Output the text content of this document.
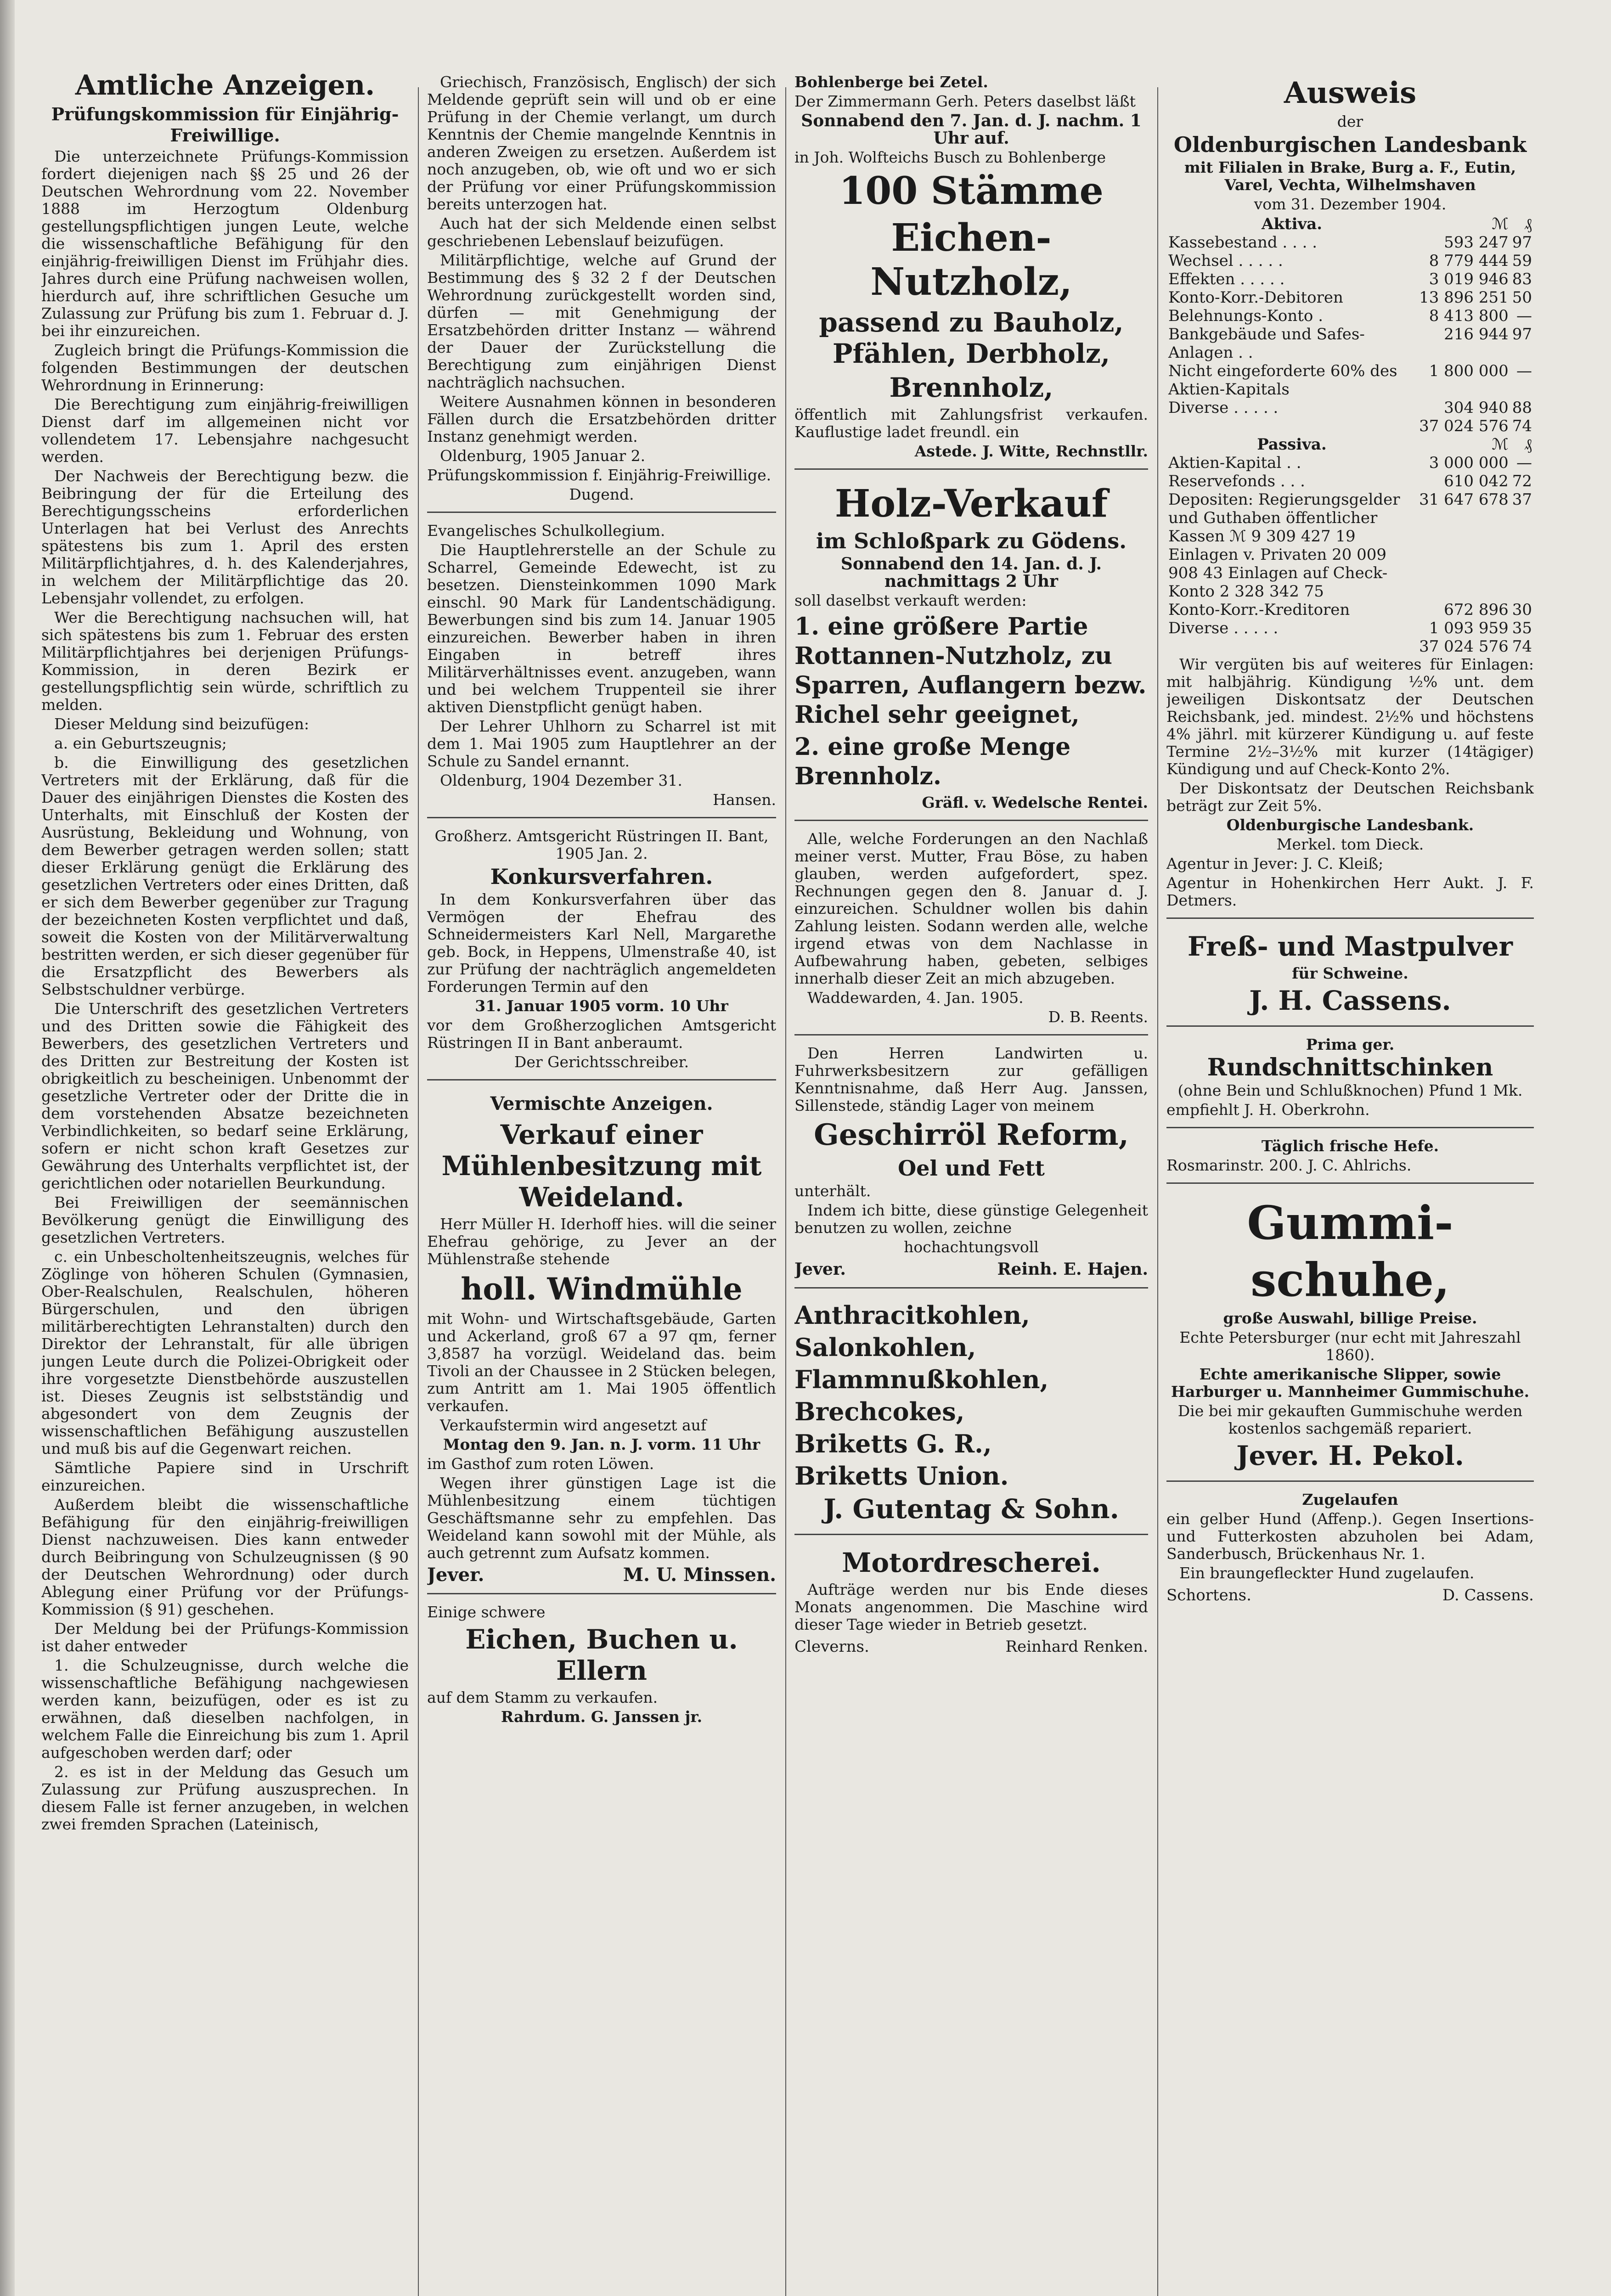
Amtliche Anzeigen.
Prüfungskommission für Einjährig-Freiwillige.

Die unterzeichnete Prüfungs-Kommission fordert diejenigen nach §§ 25 und 26 der Deutschen Wehrordnung vom 22. November 1888 im Herzogtum Oldenburg gestellungspflichtigen jungen Leute, welche die wissenschaftliche Befähigung für den einjährig-freiwilligen Dienst im Frühjahr dies. Jahres durch eine Prüfung nachweisen wollen, hierdurch auf, ihre schriftlichen Gesuche um Zulassung zur Prüfung bis zum 1. Februar d. J. bei ihr einzureichen.

Zugleich bringt die Prüfungs-Kommission die folgenden Bestimmungen der deutschen Wehrordnung in Erinnerung:

Die Berechtigung zum einjährig-freiwilligen Dienst darf im allgemeinen nicht vor vollendetem 17. Lebensjahre nachgesucht werden.

Der Nachweis der Berechtigung bezw. die Beibringung der für die Erteilung des Berechtigungsscheins erforderlichen Unterlagen hat bei Verlust des Anrechts spätestens bis zum 1. April des ersten Militärpflichtjahres, d. h. des Kalenderjahres, in welchem der Militärpflichtige das 20. Lebensjahr vollendet, zu erfolgen.

Wer die Berechtigung nachsuchen will, hat sich spätestens bis zum 1. Februar des ersten Militärpflichtjahres bei derjenigen Prüfungs-Kommission, in deren Bezirk er gestellungspflichtig sein würde, schriftlich zu melden.

Dieser Meldung sind beizufügen:

a. ein Geburtszeugnis;

b. die Einwilligung des gesetzlichen Vertreters mit der Erklärung, daß für die Dauer des einjährigen Dienstes die Kosten des Unterhalts, mit Einschluß der Kosten der Ausrüstung, Bekleidung und Wohnung, von dem Bewerber getragen werden sollen; statt dieser Erklärung genügt die Erklärung des gesetzlichen Vertreters oder eines Dritten, daß er sich dem Bewerber gegenüber zur Tragung der bezeichneten Kosten verpflichtet und daß, soweit die Kosten von der Militärverwaltung bestritten werden, er sich dieser gegenüber für die Ersatzpflicht des Bewerbers als Selbstschuldner verbürge.

Die Unterschrift des gesetzlichen Vertreters und des Dritten sowie die Fähigkeit des Bewerbers, des gesetzlichen Vertreters und des Dritten zur Bestreitung der Kosten ist obrigkeitlich zu bescheinigen. Unbenommt der gesetzliche Vertreter oder der Dritte die in dem vorstehenden Absatze bezeichneten Verbindlichkeiten, so bedarf seine Erklärung, sofern er nicht schon kraft Gesetzes zur Gewährung des Unterhalts verpflichtet ist, der gerichtlichen oder notariellen Beurkundung.

Bei Freiwilligen der seemännischen Bevölkerung genügt die Einwilligung des gesetzlichen Vertreters.

c. ein Unbescholtenheitszeugnis, welches für Zöglinge von höheren Schulen (Gymnasien, Ober-Realschulen, Realschulen, höheren Bürgerschulen, und den übrigen militärberechtigten Lehranstalten) durch den Direktor der Lehranstalt, für alle übrigen jungen Leute durch die Polizei-Obrigkeit oder ihre vorgesetzte Dienstbehörde auszustellen ist. Dieses Zeugnis ist selbstständig und abgesondert von dem Zeugnis der wissenschaftlichen Befähigung auszustellen und muß bis auf die Gegenwart reichen.

Sämtliche Papiere sind in Urschrift einzureichen.

Außerdem bleibt die wissenschaftliche Befähigung für den einjährig-freiwilligen Dienst nachzuweisen. Dies kann entweder durch Beibringung von Schulzeugnissen (§ 90 der Deutschen Wehrordnung) oder durch Ablegung einer Prüfung vor der Prüfungs-Kommission (§ 91) geschehen.

Der Meldung bei der Prüfungs-Kommission ist daher entweder

1. die Schulzeugnisse, durch welche die wissenschaftliche Befähigung nachgewiesen werden kann, beizufügen, oder es ist zu erwähnen, daß dieselben nachfolgen, in welchem Falle die Einreichung bis zum 1. April aufgeschoben werden darf; oder

2. es ist in der Meldung das Gesuch um Zulassung zur Prüfung auszusprechen. In diesem Falle ist ferner anzugeben, in welchen zwei fremden Sprachen (Lateinisch,

Griechisch, Französisch, Englisch) der sich Meldende geprüft sein will und ob er eine Prüfung in der Chemie verlangt, um durch Kenntnis der Chemie mangelnde Kenntnis in anderen Zweigen zu ersetzen. Außerdem ist noch anzugeben, ob, wie oft und wo er sich der Prüfung vor einer Prüfungskommission bereits unterzogen hat.

Auch hat der sich Meldende einen selbst geschriebenen Lebenslauf beizufügen.

Militärpflichtige, welche auf Grund der Bestimmung des § 32 2 f der Deutschen Wehrordnung zurückgestellt worden sind, dürfen — mit Genehmigung der Ersatzbehörden dritter Instanz — während der Dauer der Zurückstellung die Berechtigung zum einjährigen Dienst nachträglich nachsuchen.

Weitere Ausnahmen können in besonderen Fällen durch die Ersatzbehörden dritter Instanz genehmigt werden.

Oldenburg, 1905 Januar 2.

Prüfungskommission f. Einjährig-Freiwillige.

Dugend.

Evangelisches Schulkollegium.

Die Hauptlehrerstelle an der Schule zu Scharrel, Gemeinde Edewecht, ist zu besetzen. Diensteinkommen 1090 Mark einschl. 90 Mark für Landentschädigung. Bewerbungen sind bis zum 14. Januar 1905 einzureichen. Bewerber haben in ihren Eingaben in betreff ihres Militärverhältnisses event. anzugeben, wann und bei welchem Truppenteil sie ihrer aktiven Dienstpflicht genügt haben.

Der Lehrer Uhlhorn zu Scharrel ist mit dem 1. Mai 1905 zum Hauptlehrer an der Schule zu Sandel ernannt.

Oldenburg, 1904 Dezember 31.

Hansen.

Großherz. Amtsgericht Rüstringen II. Bant, 1905 Jan. 2.

Konkursverfahren.

In dem Konkursverfahren über das Vermögen der Ehefrau des Schneidermeisters Karl Nell, Margarethe geb. Bock, in Heppens, Ulmenstraße 40, ist zur Prüfung der nachträglich angemeldeten Forderungen Termin auf den

31. Januar 1905 vorm. 10 Uhr

vor dem Großherzoglichen Amtsgericht Rüstringen II in Bant anberaumt.

Der Gerichtsschreiber.

Vermischte Anzeigen.
Verkauf einer Mühlenbesitzung mit Weideland.

Herr Müller H. Iderhoff hies. will die seiner Ehefrau gehörige, zu Jever an der Mühlenstraße stehende

holl. Windmühle

mit Wohn- und Wirtschaftsgebäude, Garten und Ackerland, groß 67 a 97 qm, ferner 3,8587 ha vorzügl. Weideland das. beim Tivoli an der Chaussee in 2 Stücken belegen, zum Antritt am 1. Mai 1905 öffentlich verkaufen.

Verkaufstermin wird angesetzt auf

Montag den 9. Jan. n. J. vorm. 11 Uhr

im Gasthof zum roten Löwen.

Wegen ihrer günstigen Lage ist die Mühlenbesitzung einem tüchtigen Geschäftsmanne sehr zu empfehlen. Das Weideland kann sowohl mit der Mühle, als auch getrennt zum Aufsatz kommen.

Jever.	M. U. Minssen.

Einige schwere

Eichen, Buchen u. Ellern

auf dem Stamm zu verkaufen.

Rahrdum. G. Janssen jr.

Bohlenberge bei Zetel.

Der Zimmermann Gerh. Peters daselbst läßt

Sonnabend den 7. Jan. d. J. nachm. 1 Uhr auf.

in Joh. Wolfteichs Busch zu Bohlenberge

100 Stämme
Eichen-Nutzholz,
passend zu Bauholz, Pfählen, Derbholz,
Brennholz,

öffentlich mit Zahlungsfrist verkaufen. Kauflustige ladet freundl. ein

Astede. J. Witte, Rechnstllr.

Holz-Verkauf
im Schloßpark zu Gödens.

Sonnabend den 14. Jan. d. J. nachmittags 2 Uhr

soll daselbst verkauft werden:

1. eine größere Partie Rottannen-Nutzholz, zu Sparren, Auflangern bezw. Richel sehr geeignet,
2. eine große Menge Brennholz.

Gräfl. v. Wedelsche Rentei.

Alle, welche Forderungen an den Nachlaß meiner verst. Mutter, Frau Böse, zu haben glauben, werden aufgefordert, spez. Rechnungen gegen den 8. Januar d. J. einzureichen. Schuldner wollen bis dahin Zahlung leisten. Sodann werden alle, welche irgend etwas von dem Nachlasse in Aufbewahrung haben, gebeten, selbiges innerhalb dieser Zeit an mich abzugeben.

Waddewarden, 4. Jan. 1905.

D. B. Reents.

Den Herren Landwirten u. Fuhrwerksbesitzern zur gefälligen Kenntnisnahme, daß Herr Aug. Janssen, Sillenstede, ständig Lager von meinem

Geschirröl Reform,
Oel und Fett

unterhält.

Indem ich bitte, diese günstige Gelegenheit benutzen zu wollen, zeichne

hochachtungsvoll

Jever.	Reinh. E. Hajen.
Anthracitkohlen,
Salonkohlen,
Flammnußkohlen,
Brechcokes,
Briketts G. R.,
Briketts Union.
J. Gutentag & Sohn.
Motordrescherei.

Aufträge werden nur bis Ende dieses Monats angenommen. Die Maschine wird dieser Tage wieder in Betrieb gesetzt.

Cleverns.	Reinhard Renken.
Ausweis

der

Oldenburgischen Landesbank

mit Filialen in Brake, Burg a. F., Eutin, Varel, Vechta, Wilhelmshaven

vom 31. Dezember 1904.

Aktiva.	ℳ	₰
Kassebestand . . . .	593 247	97
Wechsel . . . . .	8 779 444	59
Effekten . . . . .	3 019 946	83
Konto-Korr.-Debitoren	13 896 251	50
Belehnungs-Konto .	8 413 800	—
Bankgebäude und Safes-Anlagen . .	216 944	97
Nicht eingeforderte 60% des Aktien-Kapitals	1 800 000	—
Diverse . . . . .	304 940	88
	37 024 576	74
Passiva.	ℳ	₰
Aktien-Kapital . .	3 000 000	—
Reservefonds . . .	610 042	72
Depositen: Regierungsgelder und Guthaben öffentlicher Kassen ℳ 9 309 427 19 Einlagen v. Privaten 20 009 908 43 Einlagen auf Check-Konto 2 328 342 75	31 647 678	37
Konto-Korr.-Kreditoren	672 896	30
Diverse . . . . .	1 093 959	35
	37 024 576	74

Wir vergüten bis auf weiteres für Einlagen: mit halbjährig. Kündigung ½% unt. dem jeweiligen Diskontsatz der Deutschen Reichsbank, jed. mindest. 2½% und höchstens 4% jährl. mit kürzerer Kündigung u. auf feste Termine 2½–3½% mit kurzer (14tägiger) Kündigung und auf Check-Konto 2%.

Der Diskontsatz der Deutschen Reichsbank beträgt zur Zeit 5%.

Oldenburgische Landesbank.

Merkel. tom Dieck.

Agentur in Jever: J. C. Kleiß;

Agentur in Hohenkirchen Herr Aukt. J. F. Detmers.

Freß- und Mastpulver

für Schweine.

J. H. Cassens.

Prima ger.

Rundschnittschinken

(ohne Bein und Schlußknochen) Pfund 1 Mk.

empfiehlt J. H. Oberkrohn.

Täglich frische Hefe.

Rosmarinstr. 200. J. C. Ahlrichs.

Gummi-
schuhe,

große Auswahl, billige Preise.

Echte Petersburger (nur echt mit Jahreszahl 1860).

Echte amerikanische Slipper, sowie Harburger u. Mannheimer Gummischuhe.

Die bei mir gekauften Gummischuhe werden kostenlos sachgemäß repariert.

Jever. H. Pekol.

Zugelaufen

ein gelber Hund (Affenp.). Gegen Insertions- und Futterkosten abzuholen bei Adam, Sanderbusch, Brückenhaus Nr. 1.

Ein braungefleckter Hund zugelaufen.

Schortens.	D. Cassens.
